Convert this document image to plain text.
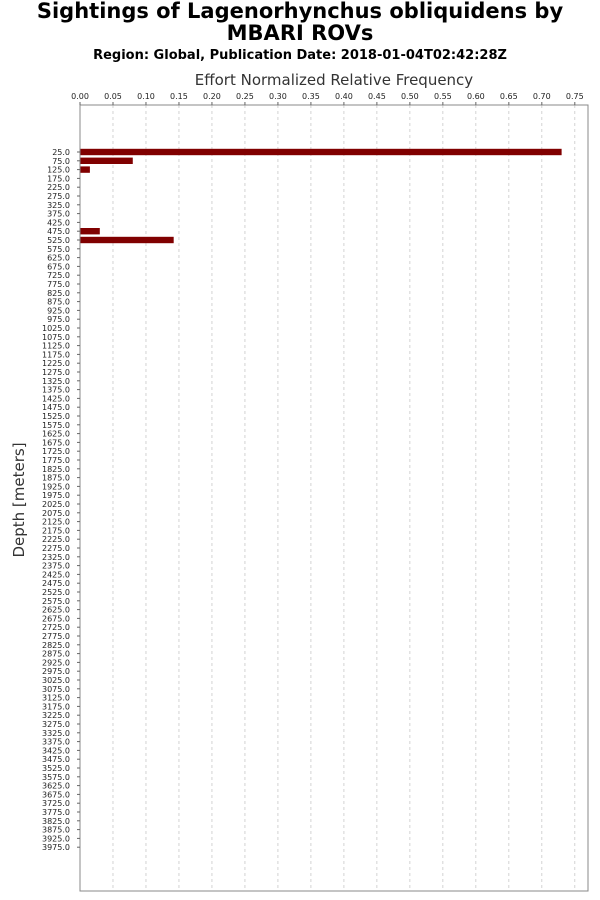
Sightings of Lagenorhynchus obliquidens by MBARI ROVs
Region: Global, Publication Date: 2018-01-04T02:42:28Z
Effort Normalized Relative Frequency
Depth [meters]
0.00 0.05 0.10 0.15 0.20 0.25 0.30 0.35 0.40 0.45 0.50 0.55 0.60 0.65 0.70 0.75
25.0
75.0
125.0
175.0
225.0
275.0
325.0
375.0
425.0
475.0
525.0
575.0
625.0
675.0
725.0
775.0
825.0
875.0
925.0
975.0
1025.0
1075.0
1125.0
1175.0
1225.0
1275.0
1325.0
1375.0
1425.0
1475.0
1525.0
1575.0
1625.0
1675.0
1725.0
1775.0
1825.0
1875.0
1925.0
1975.0
2025.0
2075.0
2125.0
2175.0
2225.0
2275.0
2325.0
2375.0
2425.0
2475.0
2525.0
2575.0
2625.0
2675.0
2725.0
2775.0
2825.0
2875.0
2925.0
2975.0
3025.0
3075.0
3125.0
3175.0
3225.0
3275.0
3325.0
3375.0
3425.0
3475.0
3525.0
3575.0
3625.0
3675.0
3725.0
3775.0
3825.0
3875.0
3925.0
3975.0
